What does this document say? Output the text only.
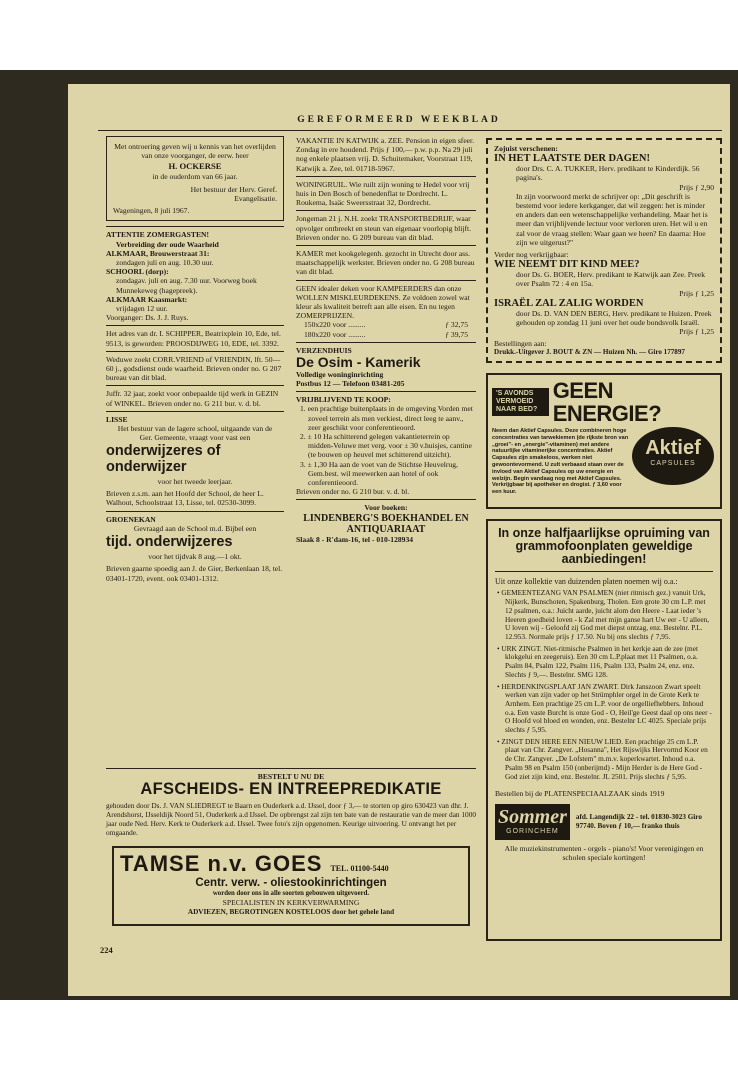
GEREFORMEERD WEEKBLAD

Met ontroering geven wij u kennis van het overlijden van onze voorganger, de eerw. heer

H. OCKERSE

in de ouderdom van 66 jaar.

Het bestuur der Herv. Geref. Evangelisatie.

Wageningen, 8 juli 1967.

ATTENTIE ZOMERGASTEN!

Verbreiding der oude Waarheid

ALKMAAR, Brouwerstraat 31:

zondagen juli en aug. 10.30 uur.

SCHOORL (dorp):

zondagav. juli en aug. 7.30 uur. Voorweg boek Munnekeweg (hagepreek).

ALKMAAR Kaasmarkt:

vrijdagen 12 uur.

Voorganger: Ds. J. J. Ruys.

Het adres van dr. I. SCHIPPER, Beatrixplein 10, Ede, tel. 9513, is geworden: PROOSDIJWEG 10, EDE, tel. 3392.

Weduwe zoekt CORR.VRIEND of VRIENDIN, lft. 50—60 j., godsdienst oude waarheid. Brieven onder no. G 207 bureau van dit blad.

Juffr. 32 jaar, zoekt voor onbepaalde tijd werk in GEZIN of WINKEL. Brieven onder no. G 211 bur. v. d. bl.

LISSE

Het bestuur van de lagere school, uitgaande van de Ger. Gemeente, vraagt voor vast een

onderwijzeres of onderwijzer

voor het tweede leerjaar.

Brieven z.s.m. aan het Hoofd der School, de heer L. Walhout, Schoolstraat 13, Lisse, tel. 02530-3099.

GROENEKAN

Gevraagd aan de School m.d. Bijbel een

tijd. onderwijzeres

voor het tijdvak 8 aug.—1 okt.

Brieven gaarne spoedig aan J. de Gier, Berkenlaan 18, tel. 03401-1720, event. ook 03401-1312.

VAKANTIE IN KATWIJK a. ZEE. Pension in eigen sfeer. Zondag in ere houdend. Prijs ƒ 100,— p.w. p.p. Na 29 juli nog enkele plaatsen vrij. D. Schuitemaker, Voorstraat 119, Katwijk a. Zee, tel. 01718-5967.

WONINGRUIL. Wie ruilt zijn woning te Hedel voor vrij huis in Den Bosch of benedenflat te Dordrecht. L. Roukema, Isaäc Sweersstraat 32, Dordrecht.

Jongeman 21 j. N.H. zoekt TRANSPORTBEDRIJF, waar opvolger ontbreekt en steun van eigenaar voorlopig blijft. Brieven onder no. G 209 bureau van dit blad.

KAMER met kookgelegenh. gezocht in Utrecht door ass. maatschappelijk werkster. Brieven onder no. G 208 bureau van dit blad.

GEEN idealer deken voor KAMPEERDERS dan onze WOLLEN MISKLEURDEKENS. Ze voldoen zowel wat kleur als kwaliteit betreft aan alle eisen. En nu tegen ZOMERPRIJZEN.

150x220 voor .........	ƒ 32,75
180x220 voor .........	ƒ 39,75

VERZENDHUIS

De Osim - Kamerik

Volledige woninginrichting

Postbus 12 — Telefoon 03481-205

VRIJBLIJVEND TE KOOP:

1. een prachtige buitenplaats in de omgeving Vorden met zoveel terrein als men verkiest, direct leeg te aanv., zeer geschikt voor conferentieoord.

2. ± 10 Ha schitterend gelegen vakantieterrein op midden-Veluwe met verg. voor ± 30 v.huisjes, cantine (te bouwen op heuvel met schitterend uitzicht).

3. ± 1,30 Ha aan de voet van de Stichtse Heuvelrug, Gem.best. wil meewerken aan hotel of ook conferentieoord.

Brieven onder no. G 210 bur. v. d. bl.

Voor boeken:

LINDENBERG'S BOEKHANDEL EN ANTIQUARIAAT

Slaak 8 - R'dam-16, tel - 010-128934

BESTELT U NU DE

AFSCHEIDS- EN INTREEPREDIKATIE

gehouden door Ds. J. VAN SLIEDREGT te Baarn en Ouderkerk a.d. IJssel, door ƒ 3,— te storten op giro 630423 van dhr. J. Arendshorst, IJsseldijk Noord 51, Ouderkerk a.d IJssel. De opbrengst zal zijn ten bate van de restauratie van de meer dan 1000 jaar oude Ned. Herv. Kerk te Ouderkerk a.d. IJssel. Twee foto's zijn opgenomen. Keurige uitvoering. U ontvangt het per omgaande.

TAMSE n.v. GOES TEL. 01100-5440

Centr. verw. - oliestookinrichtingen

worden door ons in alle soorten gebouwen uitgevoerd.

SPECIALISTEN IN KERKVERWARMING

ADVIEZEN, BEGROTINGEN KOSTELOOS door het gehele land

224

Zojuist verschenen:

IN HET LAATSTE DER DAGEN!

door Drs. C. A. TUKKER, Herv. predikant te Kinderdijk. 56 pagina's.

Prijs ƒ 2,90

In zijn voorwoord merkt de schrijver op: „Dit geschrift is bestemd voor iedere kerkganger, dat wil zeggen: het is minder en anders dan een wetenschappelijke verhandeling. Maar het is meer dan vrijblijvende lectuur voor verloren uren. Het wil u en zal voor de vraag stellen: Waar gaan we heen? En daarna: Hoe zijn we uitgerust?"

Verder nog verkrijgbaar:

WIE NEEMT DIT KIND MEE?

door Ds. G. BOER, Herv. predikant te Katwijk aan Zee. Preek over Psalm 72 : 4 en 15a.

Prijs ƒ 1,25

ISRAËL ZAL ZALIG WORDEN

door Ds. D. VAN DEN BERG, Herv. predikant te Huizen. Preek gehouden op zondag 11 juni over het oude bondsvolk Israël.

Prijs ƒ 1,25

Bestellingen aan:

Drukk.-Uitgever J. BOUT & ZN — Huizen Nh. — Giro 177897

'S AVONDS VERMOEID NAAR BED?
GEEN ENERGIE?

Neem dan Aktief Capsules. Deze combineren hoge concentraties van tarwekiemen (de rijkste bron van „groei"- en „energie"-vitaminen) met andere natuurlijke vitaminerijke concentraties. Aktief Capsules zijn smakeloos, werken niet gewoontevormend. U zult verbaasd staan over de invloed van Aktief Capsules op uw energie en welzijn. Begin vandaag nog met Aktief Capsules. Verkrijgbaar bij apotheker en drogist. ƒ 3,60 voor een kuur.

Aktief
CAPSULES

In onze halfjaarlijkse opruiming van grammofoonplaten geweldige aanbiedingen!

Uit onze kollektie van duizenden platen noemen wij o.a.:

• GEMEENTEZANG VAN PSALMEN (niet ritmisch gez.) vanuit Urk, Nijkerk, Bunschoten, Spakenburg, Tholen. Een grote 30 cm L.P. met 12 psalmen, o.a.: Juicht aarde, juicht alom den Heere - Laat ieder 's Heeren goedheid loven - k Zal met mijn ganse hart Uw eer - U alleen, U loven wij - Geloofd zij God met diepst ontzag, enz. Bestelnr. P.L. 12.953. Normale prijs ƒ 17.50. Nu bij ons slechts ƒ 7,95.

• URK ZINGT. Niet-ritmische Psalmen in het kerkje aan de zee (met klokgelui en zeegeruis). Een 30 cm L.P.plaat met 11 Psalmen, o.a. Psalm 84, Psalm 122, Psalm 116, Psalm 133, Psalm 24, enz. enz. Slechts ƒ 9,—. Bestelnr. SMG 128.

• HERDENKINGSPLAAT JAN ZWART. Dirk Janszoon Zwart speelt werken van zijn vader op het Strümphler orgel in de Grote Kerk te Arnhem. Een prachtige 25 cm L.P. voor de orgelliefhebbers. Inhoud o.a. Een vaste Burcht is onze God - O, Heil'ge Geest daal op ons neer - O Hoofd vol bloed en wonden, enz. Bestelnr LC 4025. Speciale prijs slechts ƒ 5,95.

• ZINGT DEN HERE EEN NIEUW LIED. Een prachtige 25 cm L.P. plaat van Chr. Zangver. „Hosanna", Het Rijswijks Hervormd Koor en de Chr. Zangver. „De Lofstem" m.m.v. koperkwartet. Inhoud o.a. Psalm 98 en Psalm 150 (onberijmd) - Mijn Herder is de Here God - God ziet zijn kind, enz. Bestelnr. JL 2501. Prijs slechts ƒ 5,95.

Bestellen bij de PLATENSPECIAALZAAK sinds 1919

Sommer
GORINCHEM

afd. Langendijk 22 - tel. 01830-3023 Giro 97740. Boven ƒ 10,— franko thuis

Alle muziekinstrumenten - orgels - piano's! Voor verenigingen en scholen speciale kortingen!
